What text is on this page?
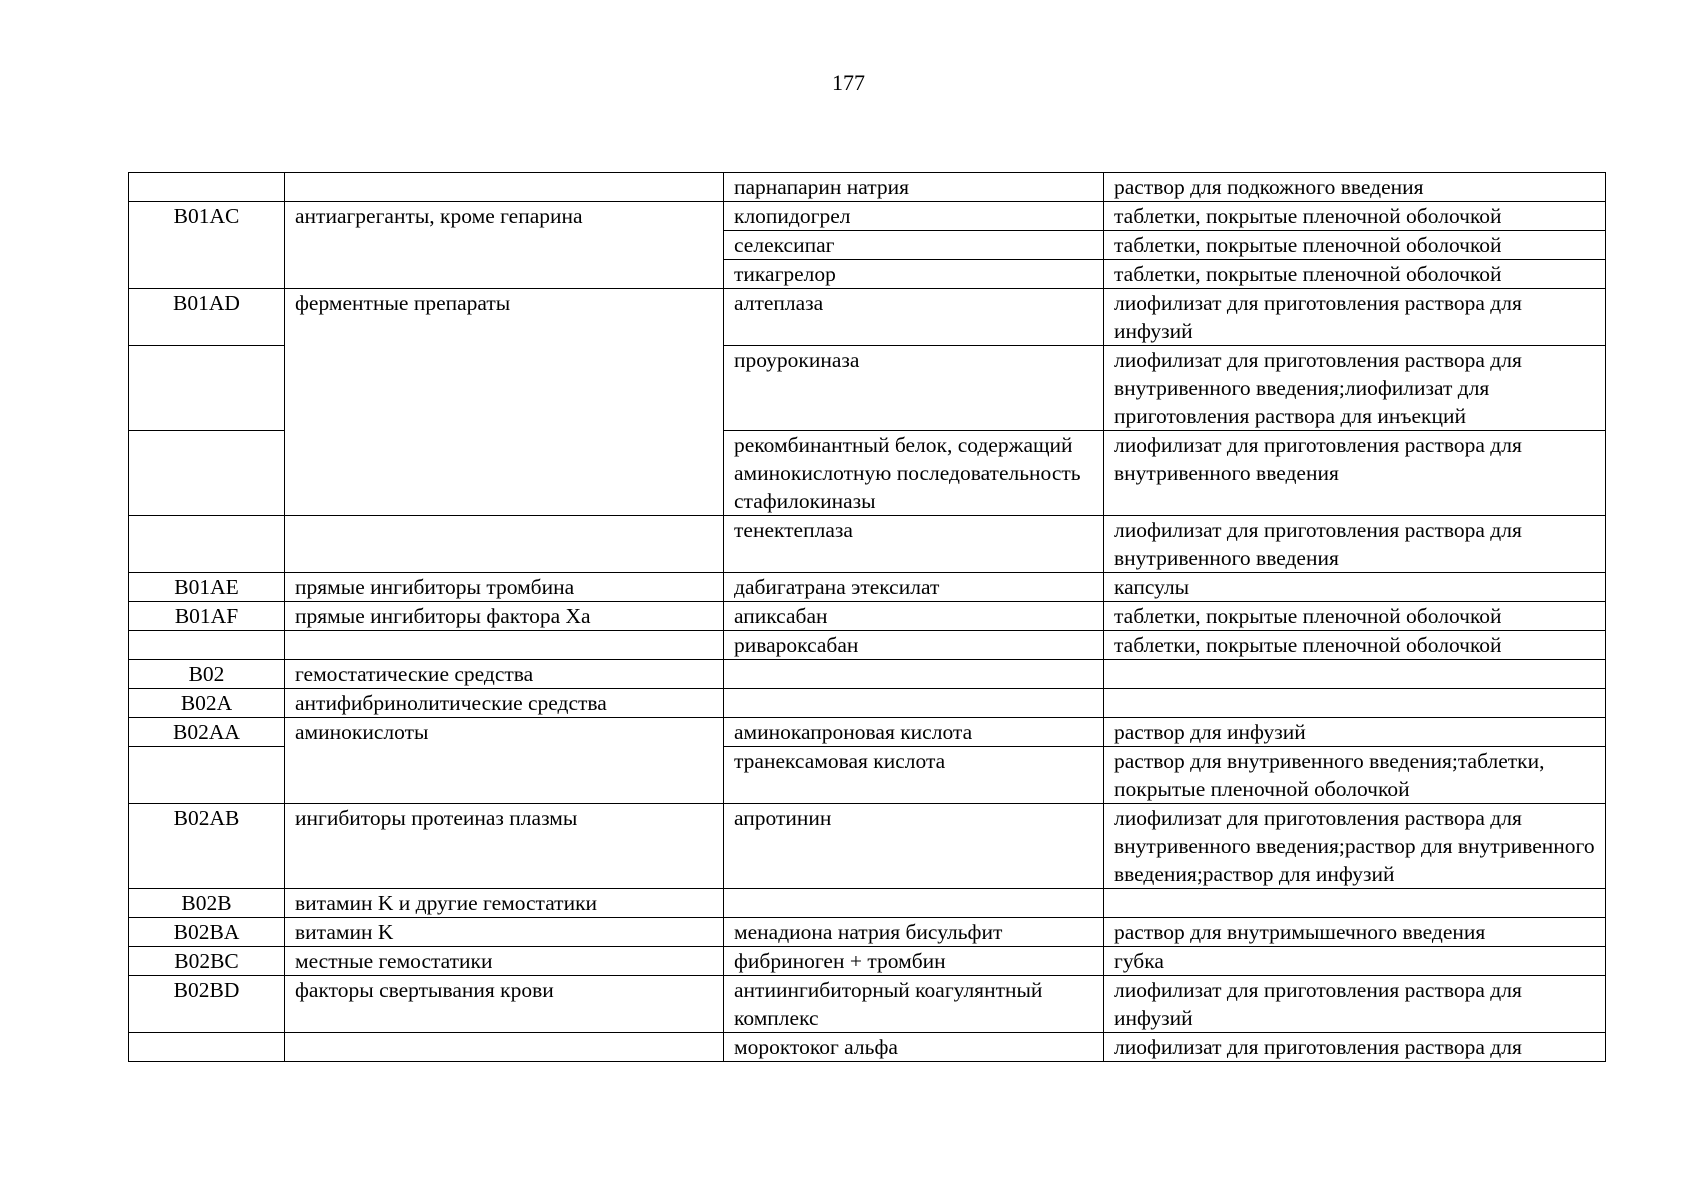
177
		парнапарин натрия	раствор для подкожного введения
B01AC	антиагреганты, кроме гепарина	клопидогрел	таблетки, покрытые пленочной оболочкой
		селексипаг	таблетки, покрытые пленочной оболочкой
		тикагрелор	таблетки, покрытые пленочной оболочкой
B01AD	ферментные препараты	алтеплаза	лиофилизат для приготовления раствора для инфузий
		проурокиназа	лиофилизат для приготовления раствора для внутривенного введения;лиофилизат для приготовления раствора для инъекций
		рекомбинантный белок, содержащий аминокислотную последовательность стафилокиназы	лиофилизат для приготовления раствора для внутривенного введения
		тенектеплаза	лиофилизат для приготовления раствора для внутривенного введения
B01AE	прямые ингибиторы тромбина	дабигатрана этексилат	капсулы
B01AF	прямые ингибиторы фактора Xa	апиксабан	таблетки, покрытые пленочной оболочкой
		ривароксабан	таблетки, покрытые пленочной оболочкой
B02	гемостатические средства		
B02A	антифибринолитические средства		
B02AA	аминокислоты	аминокапроновая кислота	раствор для инфузий
		транексамовая кислота	раствор для внутривенного введения;таблетки, покрытые пленочной оболочкой
B02AB	ингибиторы протеиназ плазмы	апротинин	лиофилизат для приготовления раствора для внутривенного введения;раствор для внутривенного введения;раствор для инфузий
B02B	витамин K и другие гемостатики		
B02BA	витамин K	менадиона натрия бисульфит	раствор для внутримышечного введения
B02BC	местные гемостатики	фибриноген + тромбин	губка
B02BD	факторы свертывания крови	антиингибиторный коагулянтный комплекс	лиофилизат для приготовления раствора для инфузий
		мороктоког альфа	лиофилизат для приготовления раствора для
